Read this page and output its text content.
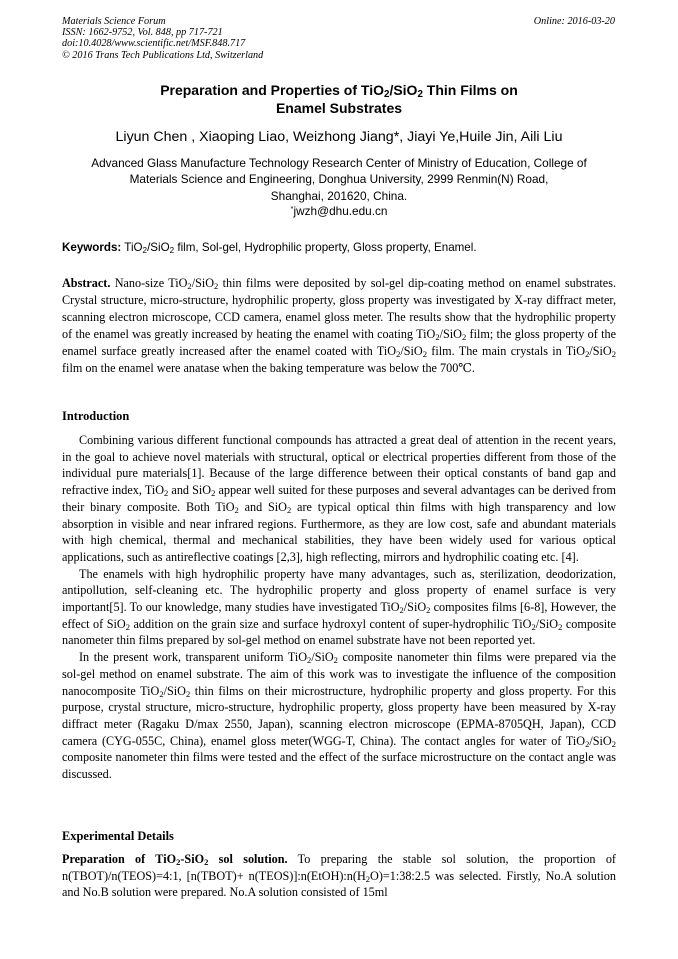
Materials Science Forum
ISSN: 1662-9752, Vol. 848, pp 717-721
doi:10.4028/www.scientific.net/MSF.848.717
© 2016 Trans Tech Publications Ltd, Switzerland
Online: 2016-03-20
Preparation and Properties of TiO$_2$/SiO$_2$ Thin Films on
Enamel Substrates
Liyun Chen , Xiaoping Liao, Weizhong Jiang*, Jiayi Ye,Huile Jin, Aili Liu
Advanced Glass Manufacture Technology Research Center of Ministry of Education, College of
Materials Science and Engineering, Donghua University, 2999 Renmin(N) Road,
Shanghai, 201620, China.
*jwzh@dhu.edu.cn
Keywords: TiO$_2$/SiO$_2$ film, Sol-gel, Hydrophilic property, Gloss property, Enamel.
Abstract. Nano-size TiO$_2$/SiO$_2$ thin films were deposited by sol-gel dip-coating method on enamel substrates. Crystal structure, micro-structure, hydrophilic property, gloss property was investigated by X-ray diffract meter, scanning electron microscope, CCD camera, enamel gloss meter. The results show that the hydrophilic property of the enamel was greatly increased by heating the enamel with coating TiO$_2$/SiO$_2$ film; the gloss property of the enamel surface greatly increased after the enamel coated with TiO$_2$/SiO$_2$ film. The main crystals in TiO$_2$/SiO$_2$ film on the enamel were anatase when the baking temperature was below the 700℃.
Introduction

Combining various different functional compounds has attracted a great deal of attention in the recent years, in the goal to achieve novel materials with structural, optical or electrical properties different from those of the individual pure materials[1]. Because of the large difference between their optical constants of band gap and refractive index, TiO$_2$ and SiO$_2$ appear well suited for these purposes and several advantages can be derived from their binary composite. Both TiO$_2$ and SiO$_2$ are typical optical thin films with high transparency and low absorption in visible and near infrared regions. Furthermore, as they are low cost, safe and abundant materials with high chemical, thermal and mechanical stabilities, they have been widely used for various optical applications, such as antireflective coatings [2,3], high reflecting, mirrors and hydrophilic coating etc. [4].

The enamels with high hydrophilic property have many advantages, such as, sterilization, deodorization, antipollution, self-cleaning etc. The hydrophilic property and gloss property of enamel surface is very important[5]. To our knowledge, many studies have investigated TiO$_2$/SiO$_2$ composites films [6-8], However, the effect of SiO$_2$ addition on the grain size and surface hydroxyl content of super-hydrophilic TiO$_2$/SiO$_2$ composite nanometer thin films prepared by sol-gel method on enamel substrate have not been reported yet.

In the present work, transparent uniform TiO$_2$/SiO$_2$ composite nanometer thin films were prepared via the sol-gel method on enamel substrate. The aim of this work was to investigate the influence of the composition nanocomposite TiO$_2$/SiO$_2$ thin films on their microstructure, hydrophilic property and gloss property. For this purpose, crystal structure, micro-structure, hydrophilic property, gloss property have been measured by X-ray diffract meter (Ragaku D/max 2550, Japan), scanning electron microscope (EPMA-8705QH, Japan), CCD camera (CYG-055C, China), enamel gloss meter(WGG-T, China). The contact angles for water of TiO$_2$/SiO$_2$ composite nanometer thin films were tested and the effect of the surface microstructure on the contact angle was discussed.

Experimental Details
Preparation of TiO$_2$-SiO$_2$ sol solution. To preparing the stable sol solution, the proportion of n(TBOT)/n(TEOS)=4:1, [n(TBOT)+ $n(TEOS)]:n(EtOH):n(H_2O)=1:38:2.5$ was selected. Firstly, No.A solution and No.B solution were prepared. No.A solution consisted of 15ml
